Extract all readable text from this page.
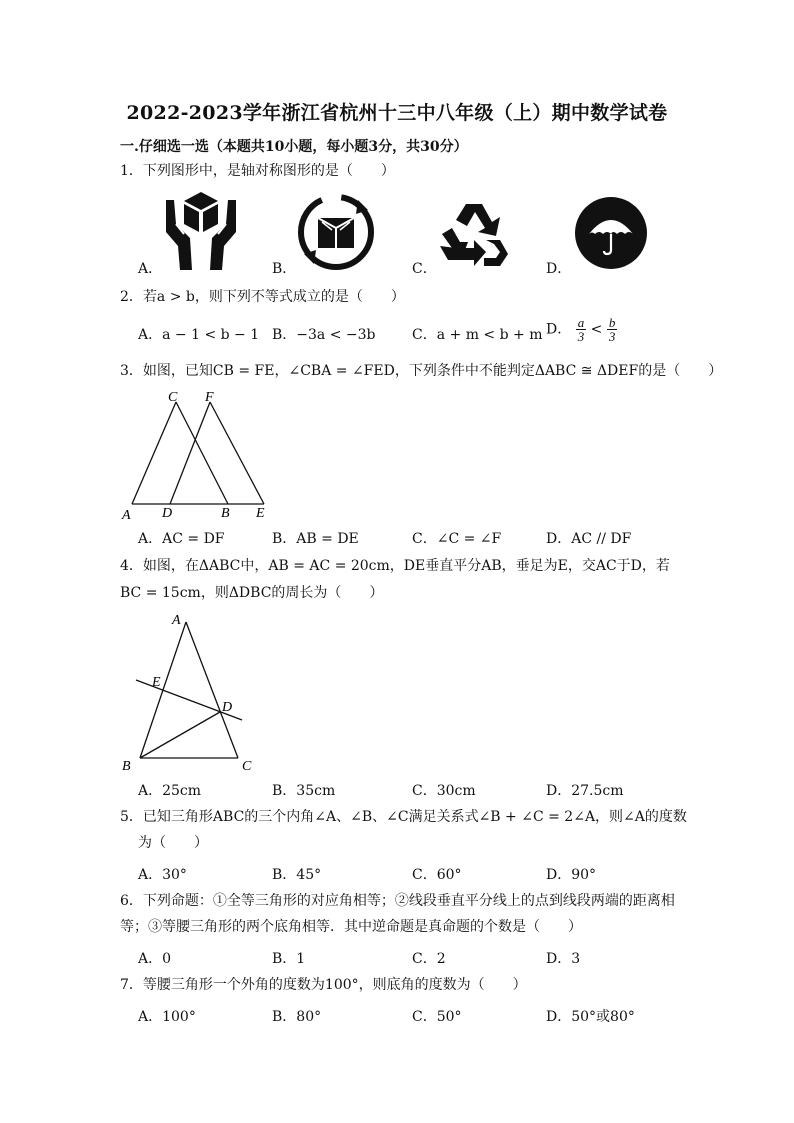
2022-2023学年浙江省杭州十三中八年级（上）期中数学试卷
一.仔细选一选（本题共10小题，每小题3分，共30分）
1．下列图形中，是轴对称图形的是（　　）
A．	B．	C．	D．
2．若a > b，则下列不等式成立的是（　　）
A．a − 1 < b − 1 B．−3a < −3b	C．a + m < b + m D． $\frac{a}{3} < \frac{b}{3}$
3．如图，已知CB = FE，∠CBA = ∠FED，下列条件中不能判定ΔABC ≅ ΔDEF的是（　　）
C F
A D	B E
A．AC = DF	B．AB = DE	C．∠C = ∠F	D．AC // DF
4．如图，在ΔABC中，AB = AC = 20cm，DE垂直平分AB，垂足为E，交AC于D，若
BC = 15cm，则ΔDBC的周长为（　　）
A
E
D
B	C
A．25cm	B．35cm	C．30cm	D．27.5cm
5．已知三角形ABC的三个内角∠A、∠B、∠C满足关系式∠B + ∠C = 2∠A，则∠A的度数
为（　　）
A．30°	B．45°	C．60°	D．90°
6．下列命题：①全等三角形的对应角相等；②线段垂直平分线上的点到线段两端的距离相
等；③等腰三角形的两个底角相等．其中逆命题是真命题的个数是（　　）
A．0	B．1	C．2	D．3
7．等腰三角形一个外角的度数为100°，则底角的度数为（　　）
A．100°	B．80°	C．50°	D．50°或80°
